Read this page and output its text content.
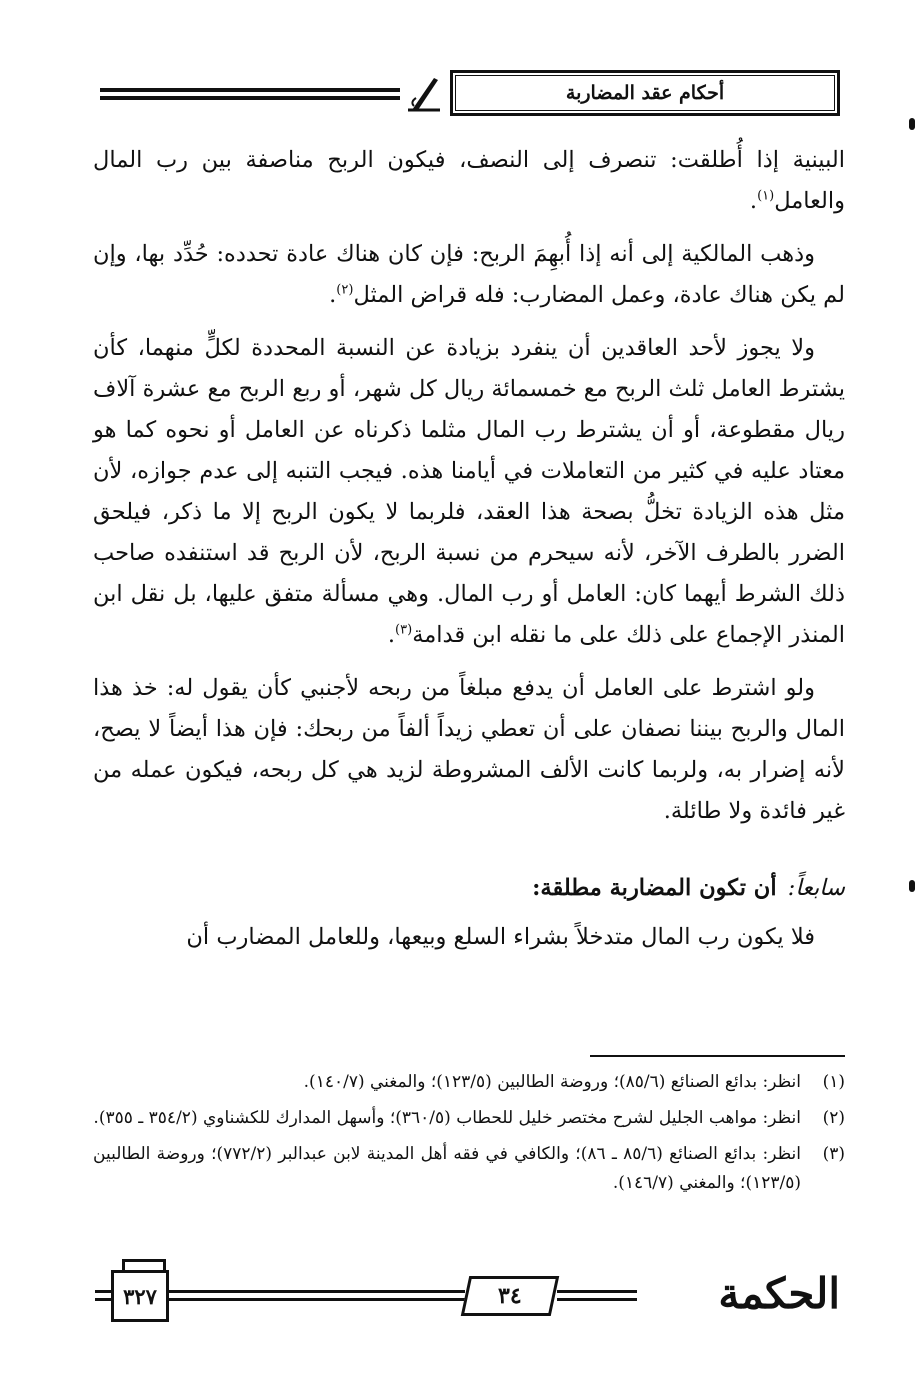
أحكام عقد المضاربة

البينية إذا أُطلقت: تنصرف إلى النصف، فيكون الربح مناصفة بين رب المال والعامل$^{(١)}$.

وذهب المالكية إلى أنه إذا أُبهِمَ الربح: فإن كان هناك عادة تحدده: حُدِّد بها، وإن لم يكن هناك عادة، وعمل المضارب: فله قراض المثل$^{(٢)}$.

ولا يجوز لأحد العاقدين أن ينفرد بزيادة عن النسبة المحددة لكلٍّ منهما، كأن يشترط العامل ثلث الربح مع خمسمائة ريال كل شهر، أو ربع الربح مع عشرة آلاف ريال مقطوعة، أو أن يشترط رب المال مثلما ذكرناه عن العامل أو نحوه كما هو معتاد عليه في كثير من التعاملات في أيامنا هذه. فيجب التنبه إلى عدم جوازه، لأن مثل هذه الزيادة تخلُّ بصحة هذا العقد، فلربما لا يكون الربح إلا ما ذكر، فيلحق الضرر بالطرف الآخر، لأنه سيحرم من نسبة الربح، لأن الربح قد استنفده صاحب ذلك الشرط أيهما كان: العامل أو رب المال. وهي مسألة متفق عليها، بل نقل ابن المنذر الإجماع على ذلك على ما نقله ابن قدامة$^{(٣)}$.

ولو اشترط على العامل أن يدفع مبلغاً من ربحه لأجنبي كأن يقول له: خذ هذا المال والربح بيننا نصفان على أن تعطي زيداً ألفاً من ربحك: فإن هذا أيضاً لا يصح، لأنه إضرار به، ولربما كانت الألف المشروطة لزيد هي كل ربحه، فيكون عمله من غير فائدة ولا طائلة.

سابعاً: أن تكون المضاربة مطلقة:

فلا يكون رب المال متدخلاً بشراء السلع وبيعها، وللعامل المضارب أن

(١)
انظر: بدائع الصنائع (٨٥/٦)؛ وروضة الطالبين (١٢٣/٥)؛ والمغني (١٤٠/٧).
(٢)
انظر: مواهب الجليل لشرح مختصر خليل للحطاب (٣٦٠/٥)؛ وأسهل المدارك للكشناوي (٣٥٤/٢ ـ ٣٥٥).
(٣)
انظر: بدائع الصنائع (٨٥/٦ ـ ٨٦)؛ والكافي في فقه أهل المدينة لابن عبدالبر (٧٧٢/٢)؛ وروضة الطالبين (١٢٣/٥)؛ والمغني (١٤٦/٧).
٣٢٧	٣٤	الحكمة
